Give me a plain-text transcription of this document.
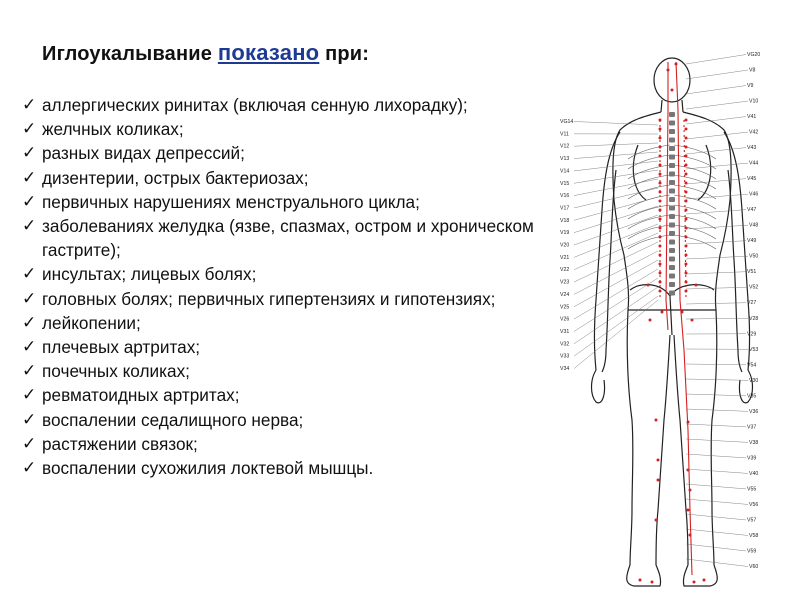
Иглоукалывание показано при:
✓ аллергических ринитах (включая сенную лихорадку);
✓ желчных коликах;
✓ разных видах депрессий;
✓ дизентерии, острых бактериозах;
✓ первичных нарушениях менструального цикла;
✓ заболеваниях желудка (язве, спазмах, остром и хроническом гастрите);
✓ инсультах; лицевых болях;
✓ головных болях; первичных гипертензиях и гипотензиях;
✓ лейкопении;
✓ плечевых артритах;
✓ почечных коликах;
✓ ревматоидных артритах;
✓ воспалении седалищного нерва;
✓ растяжении связок;
✓ воспалении сухожилия локтевой мышцы.
VG14
V11
V12
V13
V14
V15
V16
V17
V18
V19
V20
V21
V22
V23
V24
V25
V26
V31
V32
V33
V34
VG20
V8
V9
V10
V41
V42
V43
V44
V45
V46
V47
V48
V49
V50
V51
V52
V27
V28
V29
V53
V54
V30
V35
V36
V37
V38
V39
V40
V55
V56
V57
V58
V59
V60
